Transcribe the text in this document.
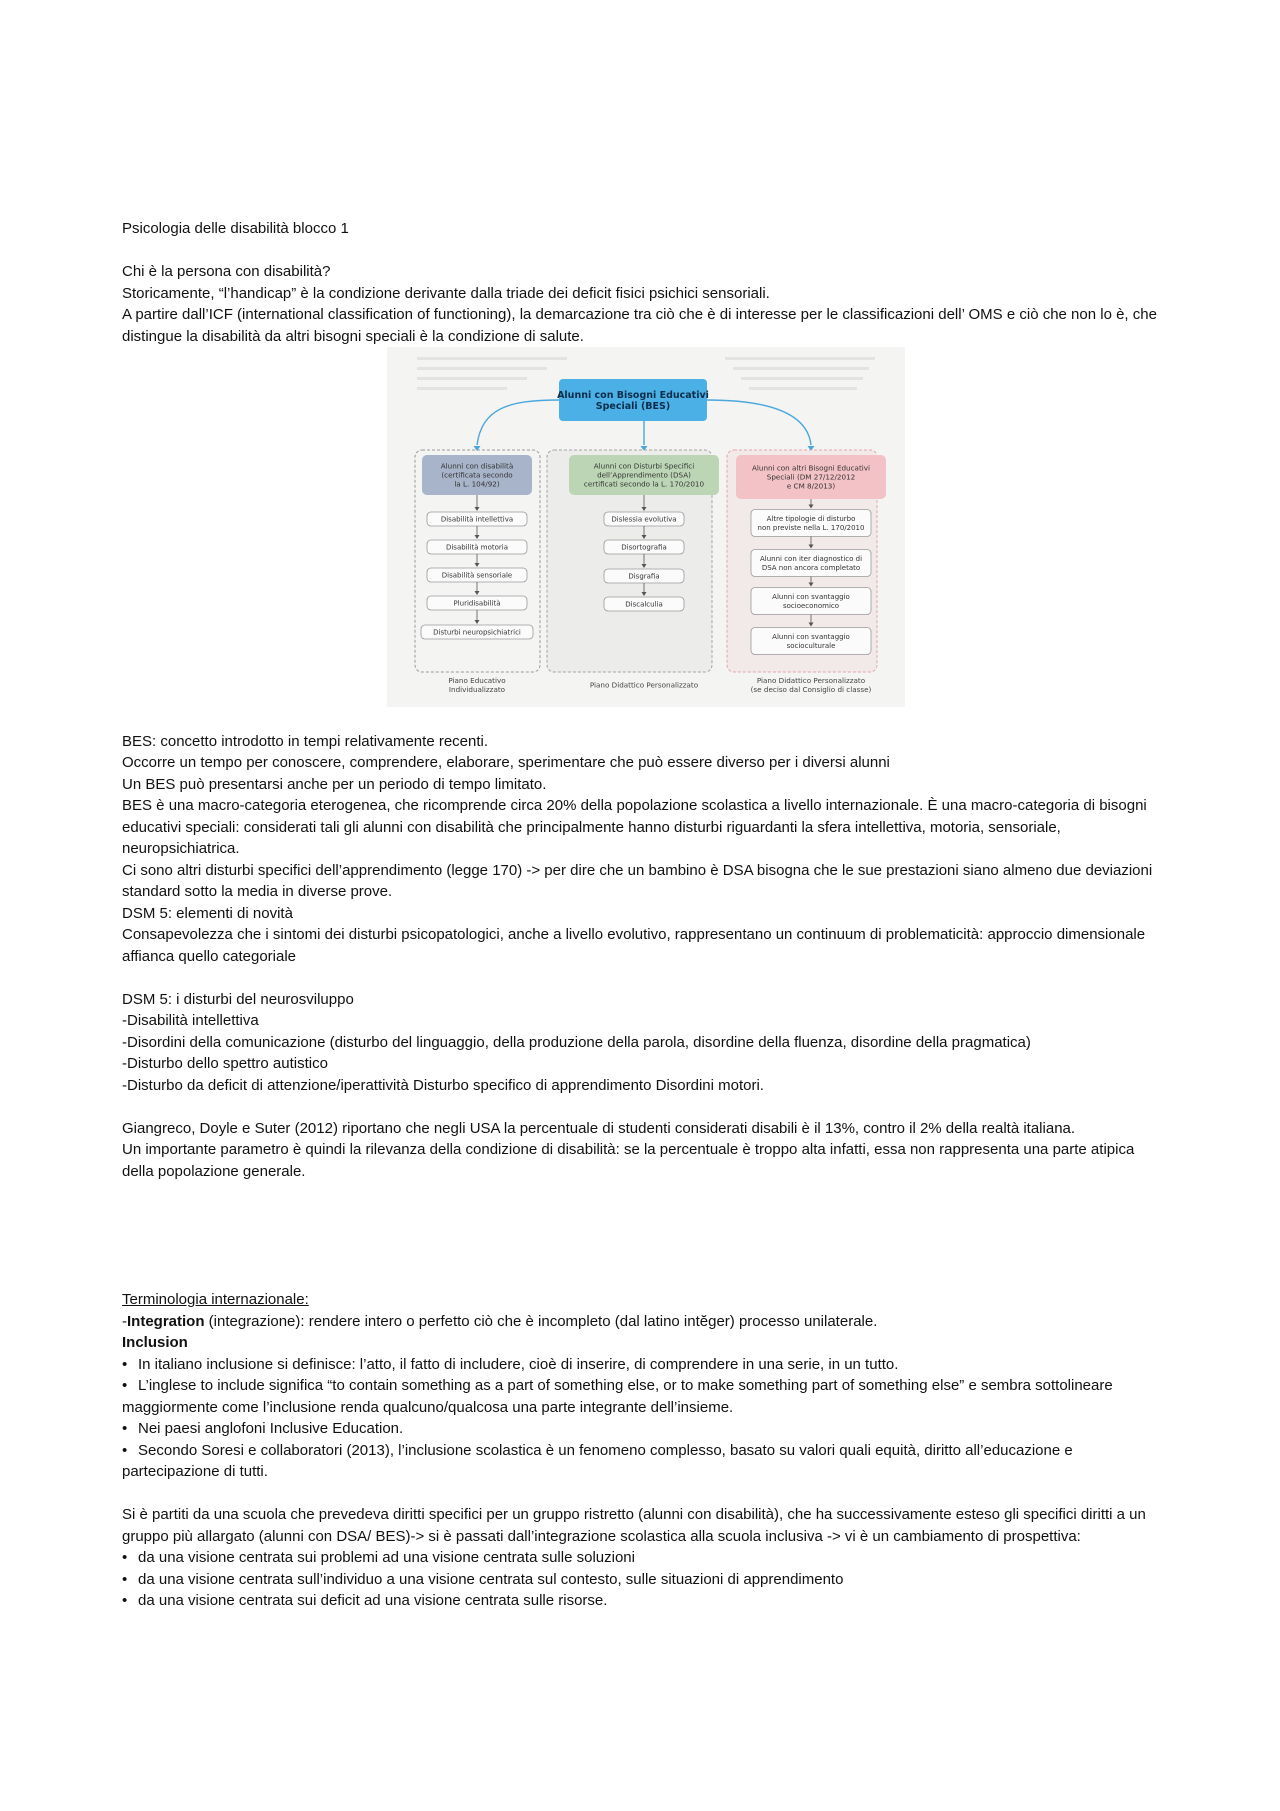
Psicologia delle disabilità blocco 1

Chi è la persona con disabilità?

Storicamente, “l’handicap” è la condizione derivante dalla triade dei deficit fisici psichici sensoriali.

A partire dall’ICF (international classification of functioning), la demarcazione tra ciò che è di interesse per le classificazioni dell’ OMS e ciò che non lo è, che distingue la disabilità da altri bisogni speciali è la condizione di salute.

Alunni con Bisogni Educativi
Speciali (BES)
Alunni con disabilità
(certificata secondo
la L. 104/92)
Disabilità intellettiva
Disabilità motoria
Disabilità sensoriale
Pluridisabilità
Disturbi neuropsichiatrici
Piano Educativo
Individualizzato
Alunni con Disturbi Specifici
dell’Apprendimento (DSA)
certificati secondo la L. 170/2010
Dislessia evolutiva
Disortografia
Disgrafia
Discalculia
Piano Didattico Personalizzato
Alunni con altri Bisogni Educativi
Speciali (DM 27/12/2012
e CM 8/2013)
Altre tipologie di disturbo
non previste nella L. 170/2010
Alunni con iter diagnostico di
DSA non ancora completato
Alunni con svantaggio
socioeconomico
Alunni con svantaggio
socioculturale
Piano Didattico Personalizzato
(se deciso dal Consiglio di classe)

BES: concetto introdotto in tempi relativamente recenti.

Occorre un tempo per conoscere, comprendere, elaborare, sperimentare che può essere diverso per i diversi alunni

Un BES può presentarsi anche per un periodo di tempo limitato.

BES è una macro-categoria eterogenea, che ricomprende circa 20% della popolazione scolastica a livello internazionale. È una macro-categoria di bisogni educativi speciali: considerati tali gli alunni con disabilità che principalmente hanno disturbi riguardanti la sfera intellettiva, motoria, sensoriale, neuropsichiatrica.

Ci sono altri disturbi specifici dell’apprendimento (legge 170) -> per dire che un bambino è DSA bisogna che le sue prestazioni siano almeno due deviazioni standard sotto la media in diverse prove.

DSM 5: elementi di novità

Consapevolezza che i sintomi dei disturbi psicopatologici, anche a livello evolutivo, rappresentano un continuum di problematicità: approccio dimensionale affianca quello categoriale

DSM 5: i disturbi del neurosviluppo

-Disabilità intellettiva

-Disordini della comunicazione (disturbo del linguaggio, della produzione della parola, disordine della fluenza, disordine della pragmatica)

-Disturbo dello spettro autistico

-Disturbo da deficit di attenzione/iperattività Disturbo specifico di apprendimento Disordini motori.

Giangreco, Doyle e Suter (2012) riportano che negli USA la percentuale di studenti considerati disabili è il 13%, contro il 2% della realtà italiana.

Un importante parametro è quindi la rilevanza della condizione di disabilità: se la percentuale è troppo alta infatti, essa non rappresenta una parte atipica della popolazione generale.

Terminologia internazionale:

-Integration (integrazione): rendere intero o perfetto ciò che è incompleto (dal latino intĕger) processo unilaterale.

Inclusion

• In italiano inclusione si definisce: l’atto, il fatto di includere, cioè di inserire, di comprendere in una serie, in un tutto.

• L’inglese to include significa “to contain something as a part of something else, or to make something part of something else” e sembra sottolineare maggiormente come l’inclusione renda qualcuno/qualcosa una parte integrante dell’insieme.

• Nei paesi anglofoni Inclusive Education.

• Secondo Soresi e collaboratori (2013), l’inclusione scolastica è un fenomeno complesso, basato su valori quali equità, diritto all’educazione e partecipazione di tutti.

Si è partiti da una scuola che prevedeva diritti specifici per un gruppo ristretto (alunni con disabilità), che ha successivamente esteso gli specifici diritti a un gruppo più allargato (alunni con DSA/ BES)-> si è passati dall’integrazione scolastica alla scuola inclusiva -> vi è un cambiamento di prospettiva:

• da una visione centrata sui problemi ad una visione centrata sulle soluzioni

• da una visione centrata sull’individuo a una visione centrata sul contesto, sulle situazioni di apprendimento

• da una visione centrata sui deficit ad una visione centrata sulle risorse.
